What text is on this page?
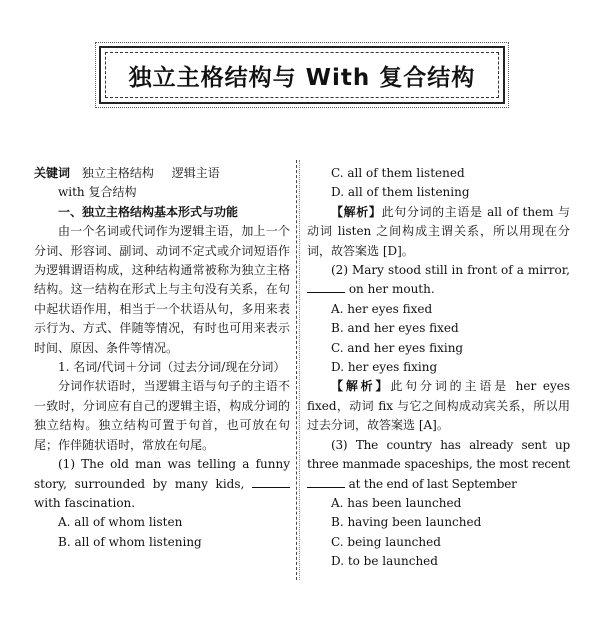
独立主格结构与 With 复合结构

关键词 独立主格结构 逻辑主语

with 复合结构

一、独立主格结构基本形式与功能

由一个名词或代词作为逻辑主语，加上一个分词、形容词、副词、动词不定式或介词短语作为逻辑谓语构成，这种结构通常被称为独立主格结构。这一结构在形式上与主句没有关系，在句中起状语作用，相当于一个状语从句，多用来表示行为、方式、伴随等情况，有时也可用来表示时间、原因、条件等情况。

1. 名词/代词＋分词（过去分词/现在分词）

分词作状语时，当逻辑主语与句子的主语不一致时，分词应有自己的逻辑主语，构成分词的独立结构。独立结构可置于句首，也可放在句尾；作伴随状语时，常放在句尾。

(1) The old man was telling a funny story, surrounded by many kids,  with fascination.

A. all of whom listen

B. all of whom listening

C. all of them listened

D. all of them listening

【解析】此句分词的主语是 all of them 与动词 listen 之间构成主谓关系，所以用现在分词，故答案选 [D]。

(2) Mary stood still in front of a mirror,  on her mouth.

A. her eyes fixed

B. and her eyes fixed

C. and her eyes fixing

D. her eyes fixing

【解析】此句分词的主语是 her eyes fixed，动词 fix 与它之间构成动宾关系，所以用过去分词，故答案选 [A]。

(3) The country has already sent up three manmade spaceships, the most recent  at the end of last September

A. has been launched

B. having been launched

C. being launched

D. to be launched
